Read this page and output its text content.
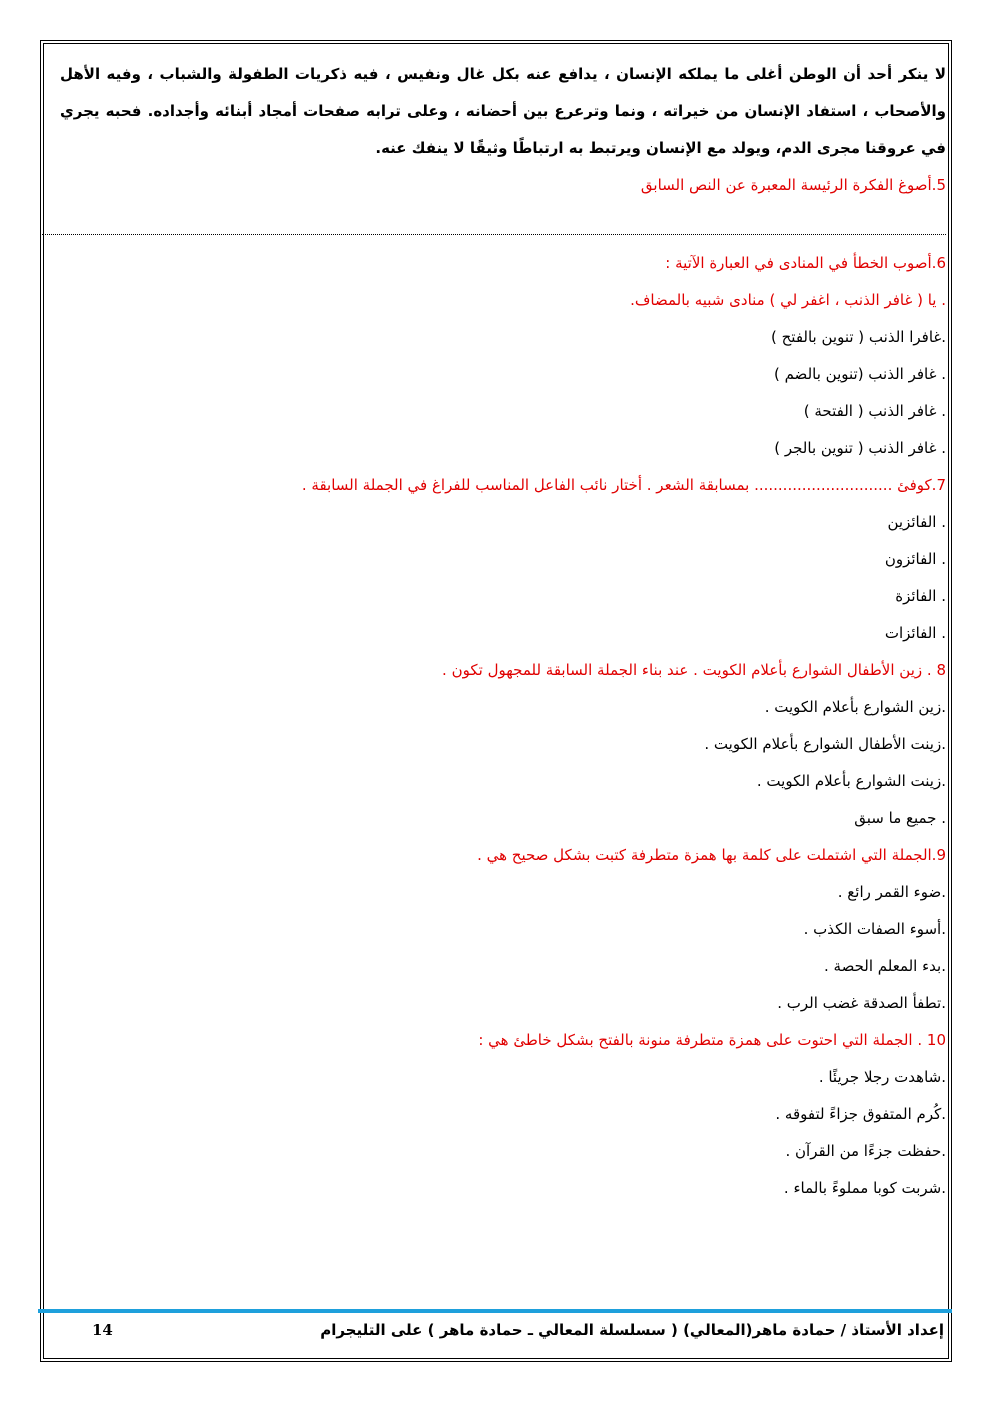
لا ينكر أحد أن الوطن أغلى ما يملكه الإنسان ، يدافع عنه بكل غال ونفيس ، فيه ذكريات الطفولة والشباب ، وفيه الأهل والأصحاب ، استفاد الإنسان من خيراته ، ونما وترعرع بين أحضانه ، وعلى ترابه صفحات أمجاد أبنائه وأجداده. فحبه يجري في عروقنا مجرى الدم، ويولد مع الإنسان ويرتبط به ارتباطًا وثيقًا لا ينفك عنه.

5.أصوغ الفكرة الرئيسة المعبرة عن النص السابق
6.أصوب الخطأ في المنادى في العبارة الآتية :
. يا ( غافر الذنب ، اغفر لي ) منادى شبيه بالمضاف.
.غافرا الذنب ( تنوين بالفتح )
. غافر الذنب (تنوين بالضم )
. غافر الذنب ( الفتحة )
. غافر الذنب ( تنوين بالجر )
7.كوفئ ............................. بمسابقة الشعر . أختار نائب الفاعل المناسب للفراغ في الجملة السابقة .
. الفائزين
. الفائزون
. الفائزة
. الفائزات
8 . زين الأطفال الشوارع بأعلام الكويت . عند بناء الجملة السابقة للمجهول تكون .
.زين الشوارع بأعلام الكويت .
.زينت الأطفال الشوارع بأعلام الكويت .
.زينت الشوارع بأعلام الكويت .
. جميع ما سبق
9.الجملة التي اشتملت على كلمة بها همزة متطرفة كتبت بشكل صحيح هي .
.ضوء القمر رائع .
.أسوء الصفات الكذب .
.بدء المعلم الحصة .
.تطفأ الصدقة غضب الرب .
10 . الجملة التي احتوت على همزة متطرفة منونة بالفتح بشكل خاطئ هي :
.شاهدت رجلا جريئًا .
.كُرم المتفوق جزاءً لتفوقه .
.حفظت جزءًا من القرآن .
.شربت كوبا مملوءً بالماء .
إعداد الأستاذ / حمادة ماهر(المعالي) ( سسلسلة المعالي ـ حمادة ماهر ) على التليجرام
14
